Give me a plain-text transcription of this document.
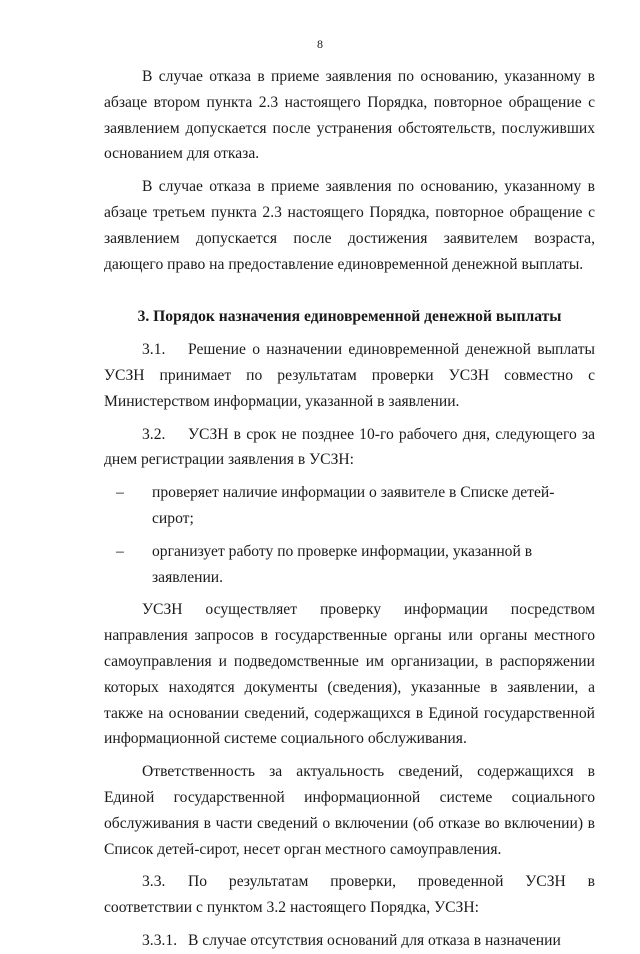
8

В случае отказа в приеме заявления по основанию, указанному в абзаце втором пункта 2.3 настоящего Порядка, повторное обращение с заявлением допускается после устранения обстоятельств, послуживших основанием для отказа.

В случае отказа в приеме заявления по основанию, указанному в абзаце третьем пункта 2.3 настоящего Порядка, повторное обращение с заявлением допускается после достижения заявителем возраста, дающего право на предоставление единовременной денежной выплаты.

3. Порядок назначения единовременной денежной выплаты

3.1. Решение о назначении единовременной денежной выплаты УСЗН принимает по результатам проверки УСЗН совместно с Министерством информации, указанной в заявлении.

3.2. УСЗН в срок не позднее 10-го рабочего дня, следующего за днем регистрации заявления в УСЗН:

– проверяет наличие информации о заявителе в Списке детей-сирот;

– организует работу по проверке информации, указанной в заявлении.

УСЗН осуществляет проверку информации посредством направления запросов в государственные органы или органы местного самоуправления и подведомственные им организации, в распоряжении которых находятся документы (сведения), указанные в заявлении, а также на основании сведений, содержащихся в Единой государственной информационной системе социального обслуживания.

Ответственность за актуальность сведений, содержащихся в Единой государственной информационной системе социального обслуживания в части сведений о включении (об отказе во включении) в Список детей-сирот, несет орган местного самоуправления.

3.3. По результатам проверки, проведенной УСЗН в соответствии с пунктом 3.2 настоящего Порядка, УСЗН:

3.3.1. В случае отсутствия оснований для отказа в назначении
